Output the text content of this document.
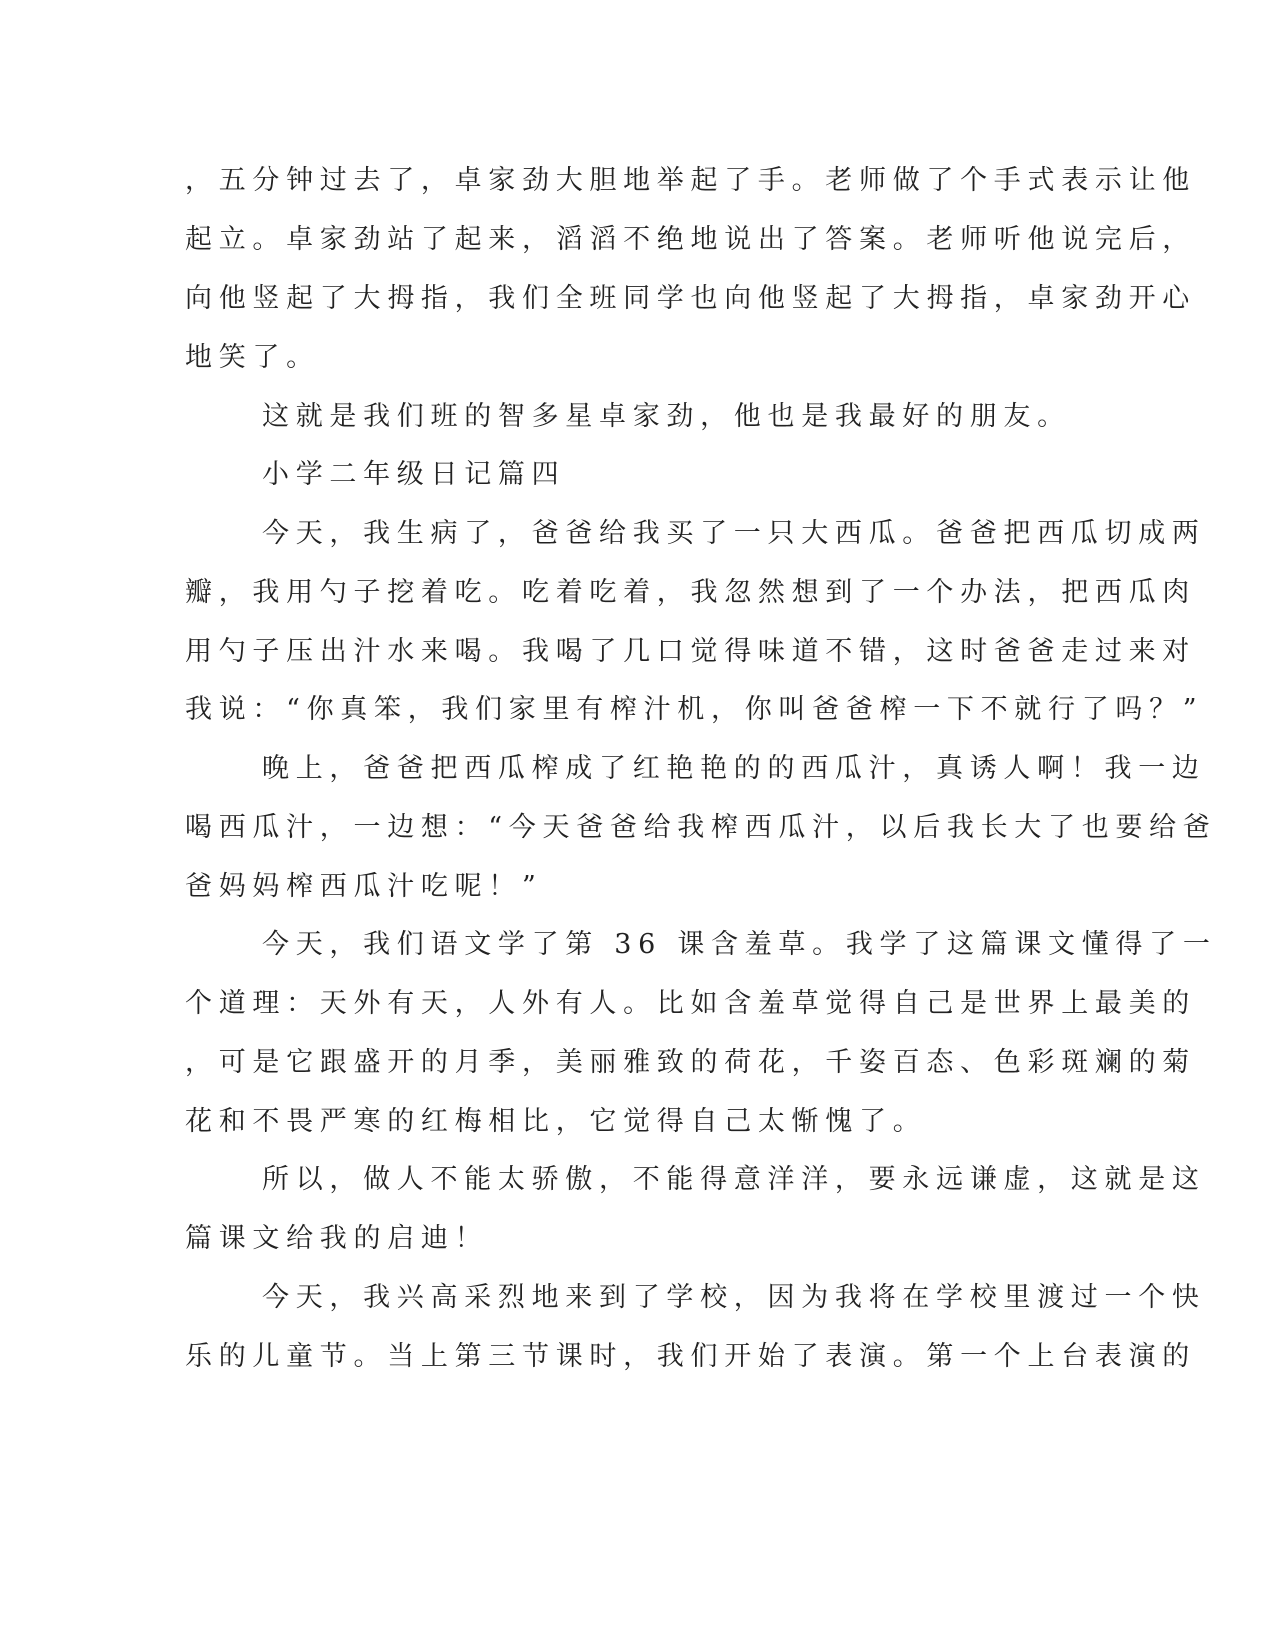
，五分钟过去了，卓家劲大胆地举起了手。老师做了个手式表示让他
起立。卓家劲站了起来，滔滔不绝地说出了答案。老师听他说完后，
向他竖起了大拇指，我们全班同学也向他竖起了大拇指，卓家劲开心
地笑了。
这就是我们班的智多星卓家劲，他也是我最好的朋友。
小学二年级日记篇四
今天，我生病了，爸爸给我买了一只大西瓜。爸爸把西瓜切成两
瓣，我用勺子挖着吃。吃着吃着，我忽然想到了一个办法，把西瓜肉
用勺子压出汁水来喝。我喝了几口觉得味道不错，这时爸爸走过来对
我说：“你真笨，我们家里有榨汁机，你叫爸爸榨一下不就行了吗？”
晚上，爸爸把西瓜榨成了红艳艳的的西瓜汁，真诱人啊！我一边
喝西瓜汁，一边想：“今天爸爸给我榨西瓜汁，以后我长大了也要给爸
爸妈妈榨西瓜汁吃呢！”
今天，我们语文学了第 36 课含羞草。我学了这篇课文懂得了一
个道理：天外有天，人外有人。比如含羞草觉得自己是世界上最美的
，可是它跟盛开的月季，美丽雅致的荷花，千姿百态、色彩斑斓的菊
花和不畏严寒的红梅相比，它觉得自己太惭愧了。
所以，做人不能太骄傲，不能得意洋洋，要永远谦虚，这就是这
篇课文给我的启迪！
今天，我兴高采烈地来到了学校，因为我将在学校里渡过一个快
乐的儿童节。当上第三节课时，我们开始了表演。第一个上台表演的
